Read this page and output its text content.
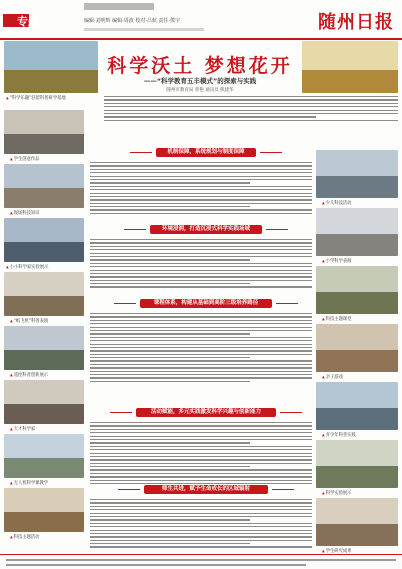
专题	编辑·刘明辉 编辑·周波 校对·吕航 责任·熊宇	随州日报
▲ “科学乐趣”驻留科普研学基地
科学沃土 梦想花开
——“科学教育五丰模式”的探索与实践
随州市教育局 曾艳 通讯员 熊建华
▲ 学生创意作品
▲ 现场科技知识
▲ 小小科学家实验展示
▲ “纸飞机”科普表演
▲ 遥控科普创新展示
▲ 天才科学家
▲ 无人机科学课教学
▲ 科技主题活动
▲ 少儿科技活动
▲ 小学科学表演
▲ 科技主题课堂
▲ 亲子游戏
▲ 青少年科普实践
▲ 科学实验展示
▲ 学生研究成果
机制保障，系统规划与制度保障
环境浸润，打造沉浸式科学实践场域
课程体系，构建从基础到高阶三级培养路径
活动赋能，多元实践激发科学兴趣与创新能力
师生共进，赋予生命成长的区域辐射
